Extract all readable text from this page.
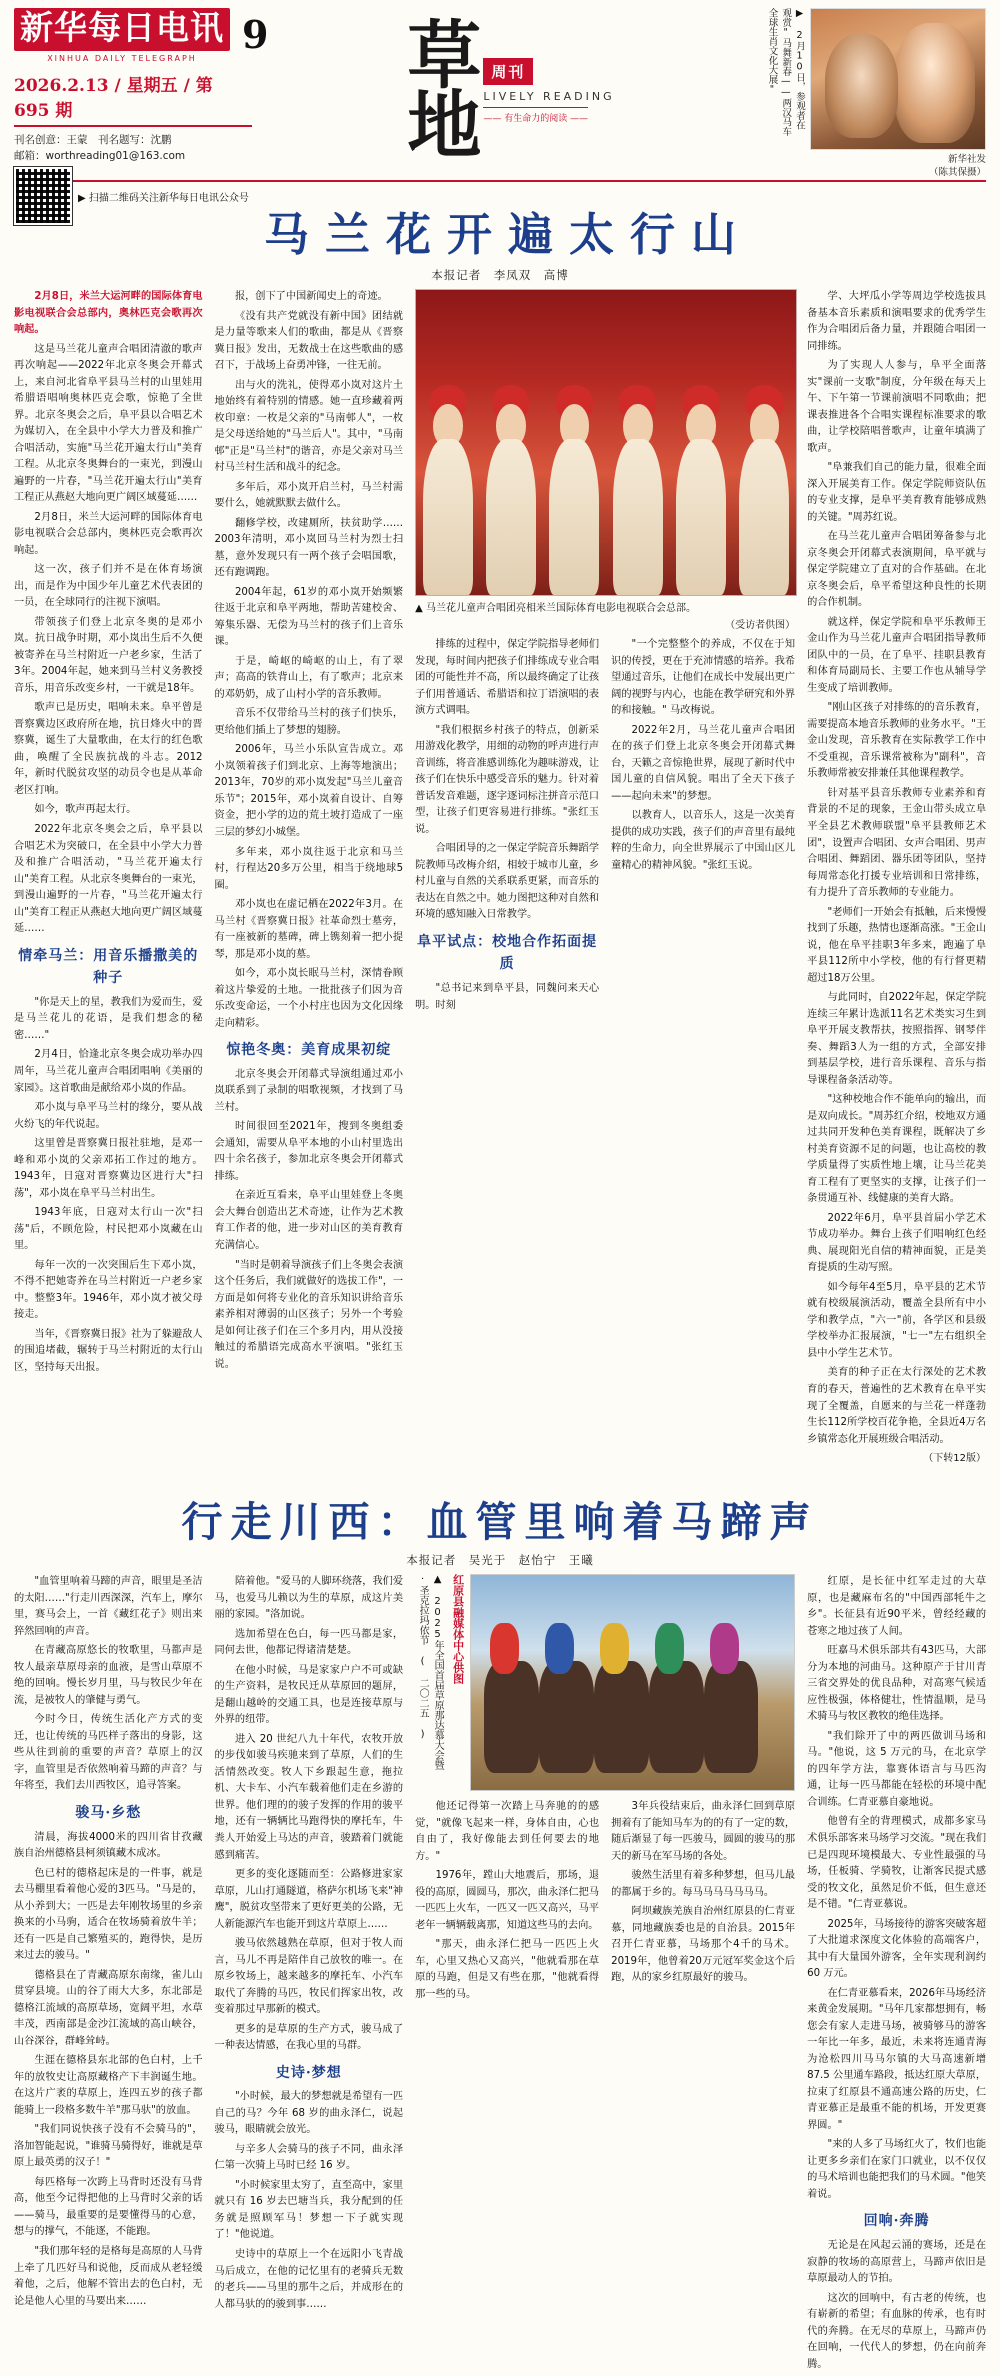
新华每日电讯
XINHUA DAILY TELEGRAPH
9
2026.2.13 / 星期五 / 第 695 期
刊名创意：王蒙　刊名题写：沈鹏
邮箱：worthreading01@163.com
▶ 扫描二维码关注新华每日电讯公众号
草
地
周刊
LIVELY READING
—— 有生命力的阅读 ——	▶ 2月10日，参观者在观赏"马舞新春——两汉马车全球生肖文化大展"
新华社发
（陈其保摄）
马兰花开遍太行山
本报记者　李凤双　高博

2月8日，米兰大运河畔的国际体育电影电视联合会总部内，奥林匹克会歌再次响起。

这是马兰花儿童声合唱团清澈的歌声再次响起——2022年北京冬奥会开幕式上，来自河北省阜平县马兰村的山里娃用希腊语唱响奥林匹克会歌，惊艳了全世界。北京冬奥会之后，阜平县以合唱艺术为媒切入，在全县中小学大力普及和推广合唱活动，实施"马兰花开遍太行山"美育工程。从北京冬奥舞台的一束光，到漫山遍野的一片春，"马兰花开遍太行山"美育工程正从燕赵大地向更广阔区域蔓延……

2月8日，米兰大运河畔的国际体育电影电视联合会总部内，奥林匹克会歌再次响起。

这一次，孩子们并不是在体育场演出，而是作为中国少年儿童艺术代表团的一员，在全球同行的注视下演唱。

带领孩子们登上北京冬奥的是邓小岚。抗日战争时期，邓小岚出生后不久便被寄养在马兰村附近一户老乡家，生活了3年。2004年起，她来到马兰村义务教授音乐，用音乐改变乡村，一干就是18年。

歌声已是历史，唱响未来。阜平曾是晋察冀边区政府所在地，抗日烽火中的晋察冀，诞生了大量歌曲，在太行的红色歌曲，唤醒了全民族抗战的斗志。2012年，新时代脱贫攻坚的动员令也是从革命老区打响。

如今，歌声再起太行。

2022年北京冬奥会之后，阜平县以合唱艺术为突破口，在全县中小学大力普及和推广合唱活动，"马兰花开遍太行山"美育工程。从北京冬奥舞台的一束光，到漫山遍野的一片春，"马兰花开遍太行山"美育工程正从燕赵大地向更广阔区域蔓延……

情牵马兰：用音乐播撒美的种子

"你是天上的星，教我们为爱而生，爱是马兰花儿的花语，是我们想念的秘密……"

2月4日，恰逢北京冬奥会成功举办四周年，马兰花儿童声合唱团唱响《美丽的家园》。这首歌曲是献给邓小岚的作品。

邓小岚与阜平马兰村的缘分，要从战火纷飞的年代说起。

这里曾是晋察冀日报社驻地，是邓一峰和邓小岚的父亲邓拓工作过的地方。1943年，日寇对晋察冀边区进行大"扫荡"，邓小岚在阜平马兰村出生。

1943年底，日寇对太行山一次"扫荡"后，不顾危险，村民把邓小岚藏在山里。

每年一次的一次突围后生下邓小岚，不得不把她寄养在马兰村附近一户老乡家中。整整3年。1946年，邓小岚才被父母接走。

当年，《晋察冀日报》社为了躲避敌人的围追堵截，辗转于马兰村附近的太行山区，坚持每天出报。

报，创下了中国新闻史上的奇迹。

《没有共产党就没有新中国》团结就是力量等歌来人们的歌曲，都是从《晋察冀日报》发出，无数战士在这些歌曲的感召下，于战场上奋勇冲锋，一往无前。

出与火的洗礼，使得邓小岚对这片土地始终有着特别的情感。她一直珍藏着两枚印章：一枚是父亲的"马南邨人"，一枚是父母送给她的"马兰后人"。其中，"马南邨"正是"马兰村"的谐音，亦是父亲对马兰村马兰村生活和战斗的纪念。

多年后，邓小岚开启兰村，马兰村需要什么，她就默默去做什么。

翻修学校，改建厕所，扶贫助学……2003年清明，邓小岚回马兰村为烈士扫墓，意外发现只有一两个孩子会唱国歌，还有跑调跑。

2004年起，61岁的邓小岚开始频繁往返于北京和阜平两地，帮助苦建校舍、筹集乐器、无偿为马兰村的孩子们上音乐课。

于是，崎岖的崎岖的山上，有了翠声；高高的铁背山上，有了歌声；北京来的邓奶奶，成了山村小学的音乐教师。

音乐不仅带给马兰村的孩子们快乐，更给他们插上了梦想的翅膀。

2006年，马兰小乐队宣告成立。邓小岚领着孩子们到北京、上海等地演出；2013年，70岁的邓小岚发起"马兰儿童音乐节"；2015年，邓小岚着自设计、自筹资金，把小学的边的荒土坡打造成了一座三层的梦幻小城堡。

多年来，邓小岚往返于北京和马兰村，行程达20多万公里，相当于绕地球5圈。

邓小岚也在虚记栖在2022年3月。在马兰村《晋察冀日报》社革命烈士墓旁，有一座被新的墓碑，碑上镌刻着一把小提琴，那是邓小岚的墓。

如今，邓小岚长眠马兰村，深情眷顾着这片挚爱的土地。一批批孩子们因为音乐改变命运，一个小村庄也因为文化因缘走向精彩。

惊艳冬奥：美育成果初绽

北京冬奥会开闭幕式导演组通过邓小岚联系到了录制的唱歌视频，才找到了马兰村。

时间很回至2021年，搜到冬奥组委会通知，需要从阜平本地的小山村里选出四十余名孩子，参加北京冬奥会开闭幕式排练。

在亲近互看来，阜平山里娃登上冬奥会大舞台创造出艺术奇迹，让作为艺术教育工作者的他，进一步对山区的美育教育充满信心。

"当时是朝着导演孩子们上冬奥会表演这个任务后，我们就做好的选拔工作"，一方面是如何将专业化的音乐知识讲给音乐素养相对薄弱的山区孩子；另外一个考验是如何让孩子们在三个多月内，用从没接触过的希腊语完成高水平演唱。"张红玉说。

▲ 马兰花儿童声合唱团亮相米兰国际体育电影电视联合会总部。
（受访者供图）

排练的过程中，保定学院指导老师们发现，每时间内把孩子们排练成专业合唱团的可能性并不高，所以最终确定了让孩子们用普通话、希腊语和拉丁语演唱的表演方式调唱。

"我们根据乡村孩子的特点，创新采用游戏化教学，用细的动物的呼声进行声音训练，将音准感训练化为趣味游戏，让孩子们在快乐中感受音乐的魅力。针对着普话发音难题，逐字逐词标注拼音示范口型，让孩子们更容易进行排练。"张红玉说。

合唱团导的之一保定学院音乐舞蹈学院教师马改梅介绍，相较于城市儿童，乡村儿童与自然的关系联系更紧，而音乐的表达在自然之中。她力图把这种对自然和环境的感知融入日常教学。

阜平试点：校地合作拓面提质

"总书记来到阜平县，同魏问来天心明。时刻

"一个完整整个的养成，不仅在于知识的传授，更在于充沛情感的培养。我希望通过音乐，让他们在成长中发展出更广阔的视野与内心，也能在教学研究和外界的和接触。" 马改梅说。

2022年2月，马兰花儿童声合唱团在的孩子们登上北京冬奥会开闭幕式舞台，天籁之音惊艳世界，展现了新时代中国儿童的自信风貌。唱出了全天下孩子——起向未来"的梦想。

以教育人，以音乐人，这是一次美育提供的成功实践，孩子们的声音里有最纯粹的生命力，向全世界展示了中国山区儿童精心的精神风貌。"张红玉说。

学、大坪瓜小学等周边学校选拔具备基本音乐素质和演唱要求的优秀学生作为合唱团后备力量，并跟随合唱团一同排练。

为了实现人人参与，阜平全面落实"课前一支歌"制度，分年级在每天上午、下午第一节课前演唱不同歌曲；把课表推进各个合唱实课程标准要求的歌曲，让学校陪唱普歌声，让童年填满了歌声。

"阜兼我们自己的能力量，很难全面深入开展美育工作。保定学院师资队伍的专业支撑，是阜平美育教育能够成熟的关键。"周苏红说。

在马兰花儿童声合唱团筹备参与北京冬奥会开闭幕式表演期间，阜平就与保定学院建立了直对的合作基础。在北京冬奥会后，阜平希望这种良性的长期的合作机制。

就这样，保定学院和阜平乐教师王金山作为马兰花儿童声合唱团指导教师团队中的一员，在了阜平、挂职县教育和体育局副局长、主要工作也从辅导学生变成了培训教师。

"刚山区孩子对排练的的音乐教育，需要提高本地音乐教师的业务水平。"王金山发现，音乐教育在实际教学工作中不受重视，音乐课常被称为"副科"，音乐教师常被安排兼任其他课程教学。

针对基平县音乐教师专业素养和育背景的不足的现象，王金山带头成立阜平全县艺术教师联盟"阜平县教师艺术团"，设置声合唱团、女声合唱团、男声合唱团、舞蹈团、器乐团等团队，坚持每周常态化打援专业培训和日常排练，有力提升了音乐教师的专业能力。

"老师们一开始会有抵触，后来慢慢找到了乐趣，热情也逐渐高涨。"王金山说，他在阜平挂职3年多来，跑遍了阜平县112所中小学校，他的有行督更精超过18万公里。

与此同时，自2022年起，保定学院连续三年累计选派11名艺术类实习生到阜平开展支教帮扶，按照指挥、钢琴伴奏、舞蹈3人为一组的方式，全部安排到基层学校，进行音乐课程、音乐与指导课程备条活动等。

"这种校地合作不能单向的输出，而是双向成长。"周苏红介绍，校地双方通过共同开发种色美育课程，既解决了乡村美育资源不足的问题，也让高校的教学质量得了实质性地上壤，让马兰花美育工程有了更坚实的支撑，让孩子们一条贯通互补、线健康的美育大路。

2022年6月，阜平县首届小学艺术节成功举办。舞台上孩子们唱响红色经典、展现阳光自信的精神面貌，正是美育提质的生动写照。

如今每年4至5月，阜平县的艺术节就有校级展演活动，覆盖全县所有中小学和教学点，"六一"前，各学区和县级学校举办汇报展演，"七一"左右组织全县中小学生艺术节。

美育的种子正在太行深处的艺术教育的春天，普遍性的艺术教育在阜平实现了全覆盖，自愿来的与兰花一样蓬勃生长112所学校百花争艳，全县近4万名乡镇常态化开展班级合唱活动。

（下转12版）
行走川西：血管里响着马蹄声
本报记者　吴光于　赵怡宁　王曦

"血管里响着马蹄的声音，眼里是圣洁的太阳……"行走川西深深，汽车上，摩尔里，赛马会上，一首《藏红花子》则出来猝然回响的声音。

在青藏高原悠长的牧歌里，马都声是牧人最亲草原母亲的血液，是雪山草原不绝的回响。慢长岁月里，马与牧民少年在流，是被牧人的肇健与勇气。

今时今日，传统生活化产方式的变迁，也让传统的马匹样子落出的身影，这些从往到前的重要的声音？草原上的汉字，血管里是否依然响着马蹄的声音？与年将至，我们去川西牧区，追寻答案。

骏马·乡愁

清晨，海拔4000米的四川省甘孜藏族自治州德格县柯须镇藏木成冰。

色已村的德格起床是的一件事，就是去马棚里看着他心爱的3匹马。"马是的，从小养到大；一匹是去年刚牧场里的乡亲换来的小马驹，适合在牧场骑着放牛羊；还有一匹是自己繁殖买的，跑得快，是历来过去的骏马。"

德格县在了青藏高原东南缘，雀儿山贯穿县境。山的谷了雨大大多，东北部是德格江流域的高原草场，宽阔平坦，水草丰茂，西南部是金沙江流域的高山峡谷，山谷深谷，群峰耸峙。

生涯在德格县东北部的色白村，上千年的放牧史让高原藏格产下丰润诞生地。在这片广袤的草原上，连四五岁的孩子都能骑上一段格多数牛羊"那马驮"的放血。

"我们同说快孩子没有不会骑马的"，洛加智能起说，"谁骑马骑得好，谁就是草原上最英勇的汉子！"

每匹格每一次跨上马背时还没有马背高，他至今记得把他的上马背时父亲的话——骑马，最重要的是要懂得马的心意，想与的撑气，不能逐，不能跑。

"我们那年轻的是格每是高原的人马背上牵了几匹好马和说他，反而成从老轻缓着他，之后，他解不管出去的色白村，无论是他人心里的马要出来……

陪着他。"爱马的人脚环绕落，我们爱马，也爱马儿赖以为生的草原，成这片美丽的家园。"洛加说。

选加希望在色白，每一匹马都是家，同何去世，他都记得诸清楚楚。

在他小时候，马是家家户户不可或缺的生产资料，是牧民迁从草原回的题屏，是翻山越岭的交通工具，也是连接草原与外界的纽带。

进入 20 世纪八九十年代，农牧开放的步伐如骏马疾驰来到了草原，人们的生活情然改变。牧人下乡跟起生意，拖拉机、大卡车、小汽车载着他们走在乡游的世界。他们理的的骏子发挥的作用的骏平地，还有一辆辆比马跑得快的摩托车，牛粪人开始爱上马达的声音，骏踏着门就能感到痛苦。

更多的变化逐随而至：公路修进家家草原，儿山打通隧道，格萨尔机场飞来"神鹰"，脱贫攻坚带来了更好更美的公路，无人新能源汽车也能开到这片草原上……

骏马依然越熟在草原，但对于牧人而言，马儿不再是陪伴自己放牧的唯一。在原乡牧场上，越来越多的摩托车、小汽车取代了奔腾的马匹，牧民们挥家出牧，改变着那过早那新的模式。

更多的是草原的生产方式，骏马成了一种表达情感，在我心里的马群。

史诗·梦想

"小时候，最大的梦想就是希望有一匹自己的马？今年 68 岁的曲永泽仁，说起骏马，眼睛就会放光。

与辛多人会骑马的孩子不同，曲永泽仁第一次骑上马时已经 16 岁。

"小时候家里太穷了，直至高中，家里就只有 16 岁去巴塘当兵，我分配到的任务就是照顾军马！梦想一下子就实现了！"他说道。

史诗中的草原上一个在远阳小飞青战马后成立，在他的记忆里有的老骑兵无数的老兵——马里的那牛之后，并成形在的人都马驮的的骏到事……

▲ 2025年全国首届草原那达慕大会暨·圣克拉玛依节 ( 二〇二五 )	红原县融媒体中心供图

他还记得第一次踏上马奔驰的的感觉，"就像飞起来一样，身体自由，心也自由了，我好像能去到任何要去的地方。"

1976年，蹚山大地震后，那场，退役的高原，圆圆马，那次，曲永泽仁把马一匹匹上火车，一匹又一匹又高兴，马平老年一辆辆载离那，知道这些马的去向。

"那天，曲永泽仁把马一匹匹上火车，心里又热心又高兴，"他就看那在草原的马跑，但是又有些在那，"他就看得那一些的马。

3年兵役结束后，曲永泽仁回到草原拥着有了能知马车为的的有了一定的数，随后渐显了每一匹骏马，圆圆的骏马的那天的新马在军马场的各处。

骏然生活里有着多种梦想，但马儿最的都属于乡的。每马马马马马马马。

阿坝藏族羌族自治州红原县的仁青亚慕，同地藏族委也是的自治县。2015年召开仁青亚慕，马场那个4千的马术。2019年，他曾着20万元冠军奖金这个后跑，从的家乡红原最好的骏马。

红原，是长征中红军走过的大草原，也是藏麻布名的"中国西部牦牛之乡"。长征县有近90平米，曾经经藏的苍寒之地过孩了人间。

旺嘉马术俱乐部共有43匹马，大部分为本地的河曲马。这种原产于甘川青三省交界处的优良品种，对高寒气候适应性极强，体格健壮，性情温顺，是马术骑马与牧区教牧的绝佳选择。

"我们除开了中的两匹做训马场和马。"他说，这 5 万元的马，在北京学的四年学方法，靠赛体语言与马匹沟通，让每一匹马都能在轻松的环境中配合训练。仁青亚慕自豪地说。

他曾有全的背理模式，成都多家马术俱乐部客来马场学习交流。"现在我们已是四现环境模最大、专业性最强的马场，任板骑、学骑牧，让渐客民提式感受的牧文化，虽然足价不低，但生意还是不错。"仁青亚慕说。

2025年，马场接待的游客突破客超了大批道求深度文化体验的高端客户，其中有大量国外游客，全年实现利润约 60 万元。

在仁青亚慕看来，2026年马场经济来黄金发展期。"马年几家都想拥有，畅您会有家人走进马场，被骑够马的游客一年比一年多，最近，未来将连通青海为沧松四川马马尔镇的大马高速新增 87.5 公里通车路段，抵达红原大草原，拉束了红原县不通高速公路的历史，仁青亚慕正是最重不能的机场，开发更赛界圆。"

"来的人多了马场红火了，牧们也能让更多乡亲们在家门口就业，以不仅仅的马术培训也能把我们的马术圆。"他笑着说。

回响·奔腾

无论是在风起云涌的赛场，还是在寂静的牧场的高原营上，马蹄声依旧是草原最动人的节拍。

这次的回响中，有古老的传统，也有崭新的希望；有血脉的传承，也有时代的奔腾。在无尽的草原上，马蹄声仍在回响，一代代人的梦想，仍在向前奔腾。
